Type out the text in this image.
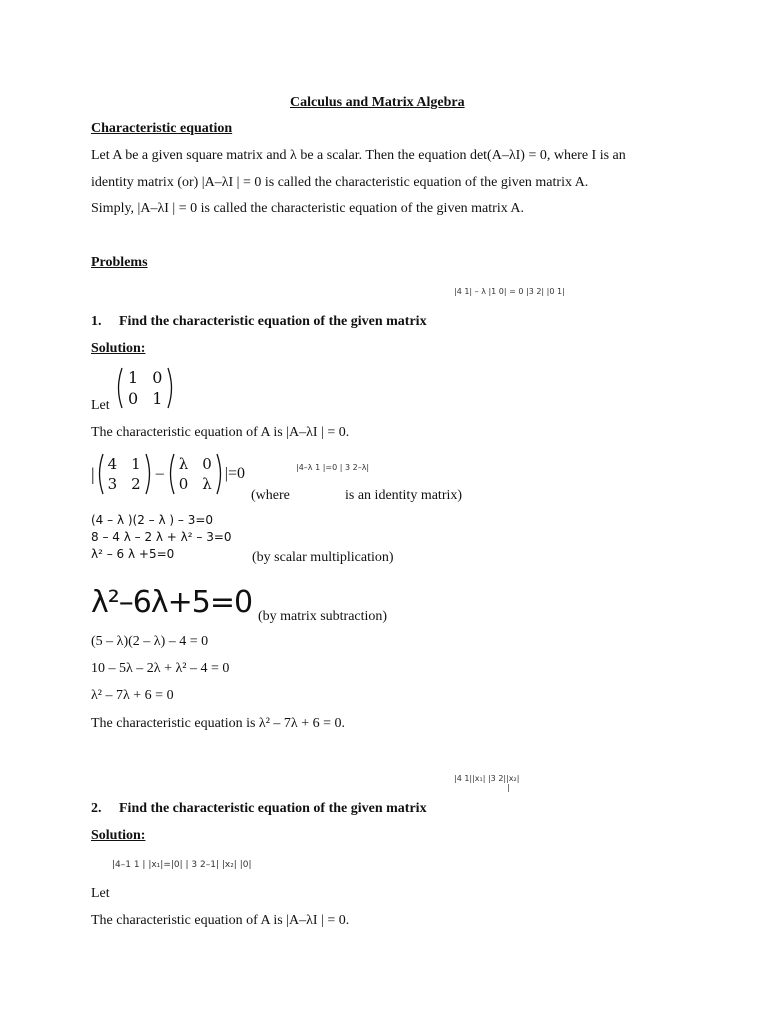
Calculus and Matrix Algebra
Characteristic equation
Let A be a given square matrix and λ be a scalar. Then the equation det(A–λI) = 0, where I is an
identity matrix (or) |A–λI | = 0 is called the characteristic equation of the given matrix A.
Simply, |A–λI | = 0 is called the characteristic equation of the given matrix A.
Problems
1. Find the characteristic equation of the given matrix
|4 1| – λ |1 0| = 0 |3 2| |0 1|
Solution:
Let
1 0
0 1
The characteristic equation of A is |A–λI | = 0.
| 4 1
3 2
–
λ 0
0 λ
|=0
(where
|4–λ 1 |=0 | 3 2–λ|
is an identity matrix)
(4 – λ )(2 – λ ) – 3=0
8 – 4 λ – 2 λ + λ² – 3=0
λ² – 6 λ +5=0	(by scalar multiplication)
λ²–6λ+5=0 (by matrix subtraction)
(5 – λ)(2 – λ) – 4 = 0
10 – 5λ – 2λ + λ² – 4 = 0
λ² – 7λ + 6 = 0
The characteristic equation is λ² – 7λ + 6 = 0.
|4 1||x₁| |3 2||x₂|
|
2. Find the characteristic equation of the given matrix
Solution:
|4–1 1 | |x₁|=|0| | 3 2–1| |x₂| |0|
Let
The characteristic equation of A is |A–λI | = 0.
